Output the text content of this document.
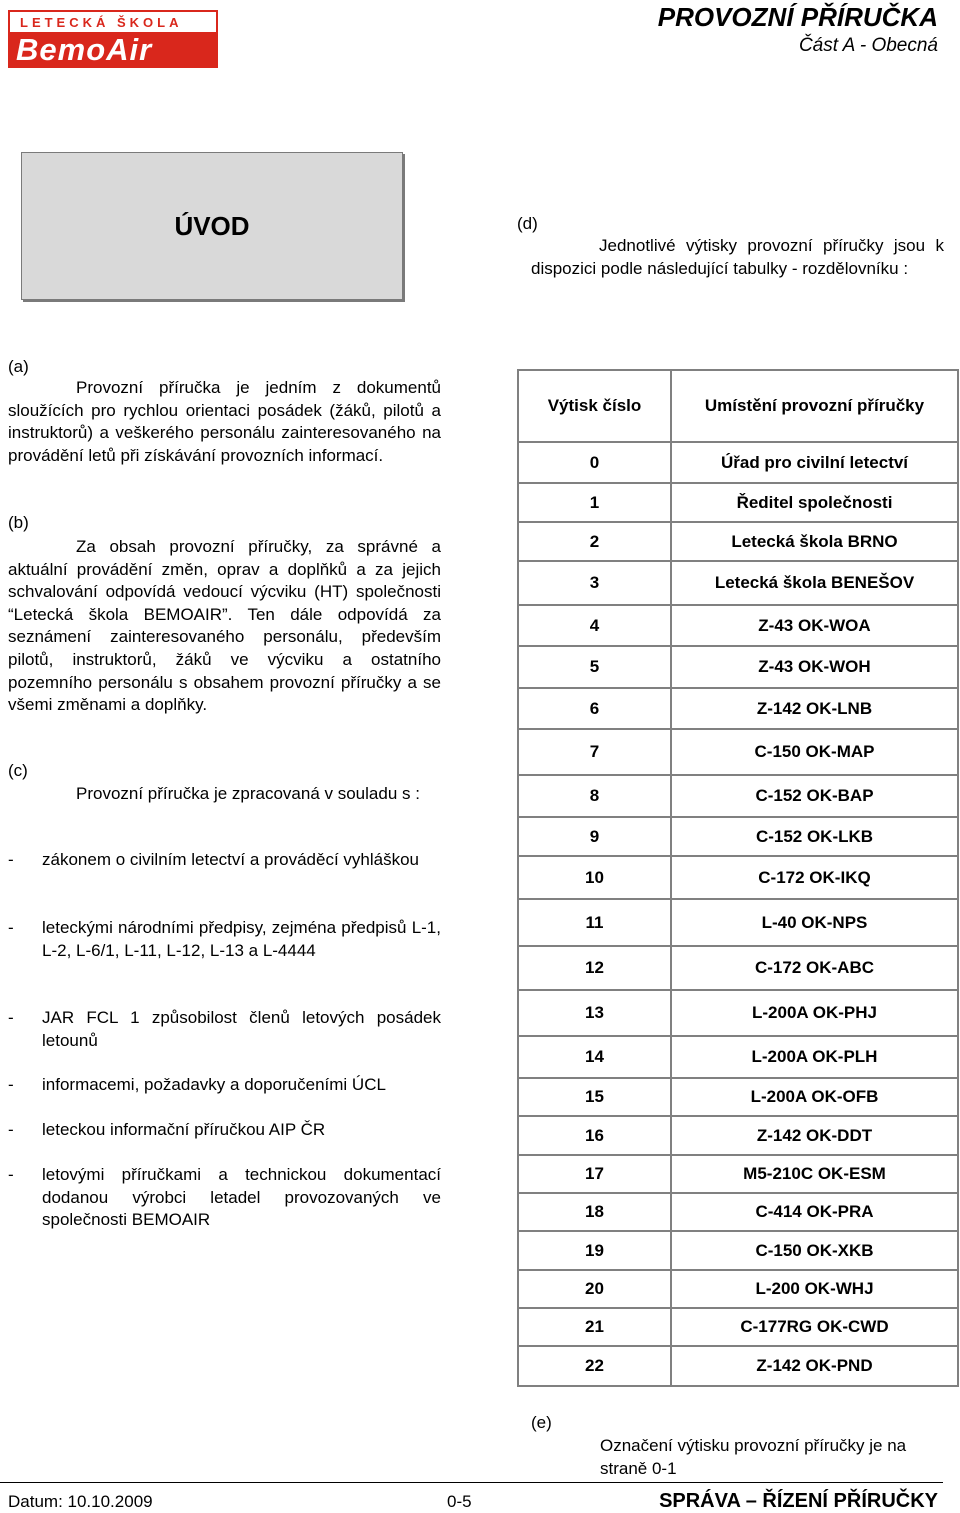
LETECKÁ ŠKOLA
BemoAir
PROVOZNÍ PŘÍRUČKA
Část A - Obecná
ÚVOD
(a)
Provozní příručka je jedním z dokumentů sloužících pro rychlou orientaci posádek (žáků, pilotů a instruktorů) a veškerého personálu zainteresovaného na provádění letů při získávání provozních informací.
(b)
Za obsah provozní příručky, za správné a aktuální provádění změn, oprav a doplňků a za jejich schvalování odpovídá vedoucí výcviku (HT) společnosti “Letecká škola BEMOAIR”. Ten dále odpovídá za seznámení zainteresovaného personálu, především pilotů, instruktorů, žáků ve výcviku a ostatního pozemního personálu s obsahem provozní příručky a se všemi změnami a doplňky.
(c)
Provozní příručka je zpracovaná v souladu s :
- zákonem o civilním letectví a prováděcí vyhláškou
- leteckými národními předpisy, zejména předpisů L-1, L-2, L-6/1, L-11, L-12, L-13 a L-4444
- JAR FCL 1 způsobilost členů letových posádek letounů
- informacemi, požadavky a doporučeními ÚCL
- leteckou informační příručkou AIP ČR
- letovými příručkami a technickou dokumentací dodanou výrobci letadel provozovaných ve společnosti BEMOAIR
(d)
Jednotlivé výtisky provozní příručky jsou k dispozici podle následující tabulky - rozdělovníku :
Výtisk číslo	Umístění provozní příručky
0	Úřad pro civilní letectví
1	Ředitel společnosti
2	Letecká škola BRNO
3	Letecká škola BENEŠOV
4	Z-43 OK-WOA
5	Z-43 OK-WOH
6	Z-142 OK-LNB
7	C-150 OK-MAP
8	C-152 OK-BAP
9	C-152 OK-LKB
10	C-172 OK-IKQ
11	L-40 OK-NPS
12	C-172 OK-ABC
13	L-200A OK-PHJ
14	L-200A OK-PLH
15	L-200A OK-OFB
16	Z-142 OK-DDT
17	M5-210C OK-ESM
18	C-414 OK-PRA
19	C-150 OK-XKB
20	L-200 OK-WHJ
21	C-177RG OK-CWD
22	Z-142 OK-PND
(e)
Označení výtisku provozní příručky je na straně 0-1
Datum: 10.10.2009	0-5	SPRÁVA – ŘÍZENÍ PŘÍRUČKY
